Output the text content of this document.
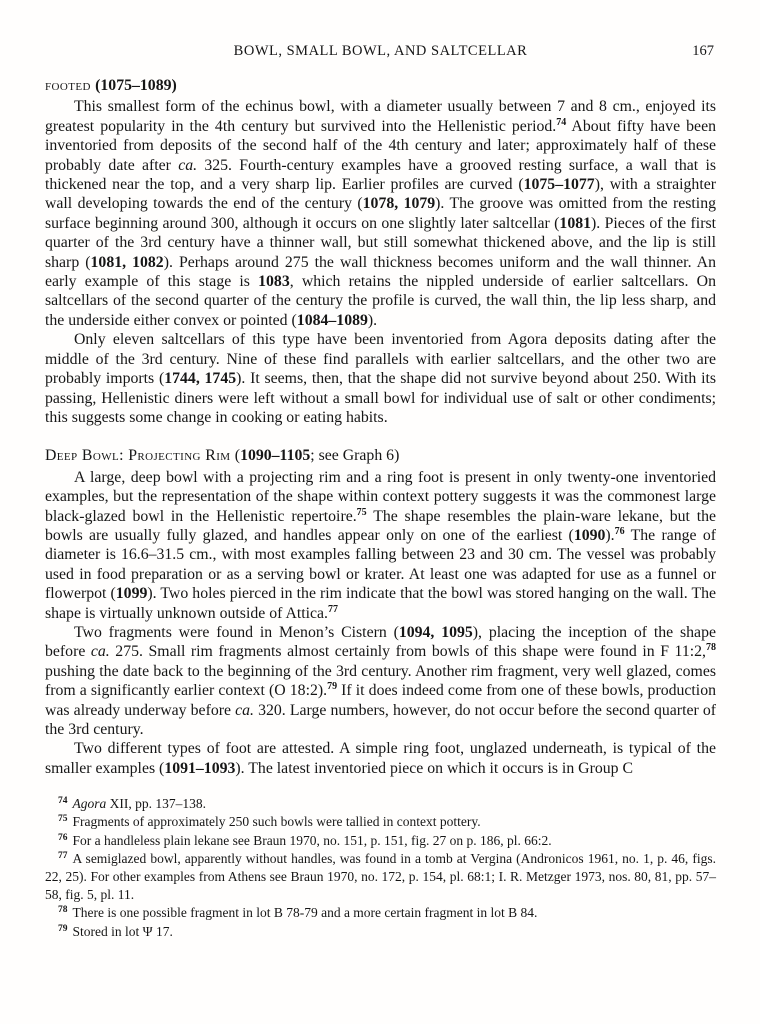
BOWL, SMALL BOWL, AND SALTCELLAR	167
footed (1075–1089)

This smallest form of the echinus bowl, with a diameter usually between 7 and 8 cm., enjoyed its greatest popularity in the 4th century but survived into the Hellenistic period.$^{74}$ About fifty have been inventoried from deposits of the second half of the 4th century and later; approximately half of these probably date after ca. 325. Fourth-century examples have a grooved resting surface, a wall that is thickened near the top, and a very sharp lip. Earlier profiles are curved (1075–1077), with a straighter wall developing towards the end of the century (1078, 1079). The groove was omitted from the resting surface beginning around 300, although it occurs on one slightly later saltcellar (1081). Pieces of the first quarter of the 3rd century have a thinner wall, but still somewhat thickened above, and the lip is still sharp (1081, 1082). Perhaps around 275 the wall thickness becomes uniform and the wall thinner. An early example of this stage is 1083, which retains the nippled underside of earlier saltcellars. On saltcellars of the second quarter of the century the profile is curved, the wall thin, the lip less sharp, and the underside either convex or pointed (1084–1089).

Only eleven saltcellars of this type have been inventoried from Agora deposits dating after the middle of the 3rd century. Nine of these find parallels with earlier saltcellars, and the other two are probably imports (1744, 1745). It seems, then, that the shape did not survive beyond about 250. With its passing, Hellenistic diners were left without a small bowl for individual use of salt or other condiments; this suggests some change in cooking or eating habits.

Deep Bowl: Projecting Rim (1090–1105; see Graph 6)

A large, deep bowl with a projecting rim and a ring foot is present in only twenty-one inventoried examples, but the representation of the shape within context pottery suggests it was the commonest large black-glazed bowl in the Hellenistic repertoire.$^{75}$ The shape resembles the plain-ware lekane, but the bowls are usually fully glazed, and handles appear only on one of the earliest (1090).$^{76}$ The range of diameter is 16.6–31.5 cm., with most examples falling between 23 and 30 cm. The vessel was probably used in food preparation or as a serving bowl or krater. At least one was adapted for use as a funnel or flowerpot (1099). Two holes pierced in the rim indicate that the bowl was stored hanging on the wall. The shape is virtually unknown outside of Attica.$^{77}$

Two fragments were found in Menon’s Cistern (1094, 1095), placing the inception of the shape before ca. 275. Small rim fragments almost certainly from bowls of this shape were found in F 11:2,78 pushing the date back to the beginning of the 3rd century. Another rim fragment, very well glazed, comes from a significantly earlier context (O 18:2).$^{79}$ If it does indeed come from one of these bowls, production was already underway before ca. 320. Large numbers, however, do not occur before the second quarter of the 3rd century.

Two different types of foot are attested. A simple ring foot, unglazed underneath, is typical of the smaller examples (1091–1093). The latest inventoried piece on which it occurs is in Group C

$^{74}$ Agora XII, pp. 137–138.
$^{75}$ Fragments of approximately 250 such bowls were tallied in context pottery.
$^{76}$ For a handleless plain lekane see Braun 1970, no. 151, p. 151, fig. 27 on p. 186, pl. 66:2.
$^{77}$ A semiglazed bowl, apparently without handles, was found in a tomb at Vergina (Andronicos 1961, no. 1, p. 46, figs. 22, 25). For other examples from Athens see Braun 1970, no. 172, p. 154, pl. 68:1; I. R. Metzger 1973, nos. 80, 81, pp. 57–58, fig. 5, pl. 11.
$^{78}$ There is one possible fragment in lot B 78-79 and a more certain fragment in lot B 84.
$^{79}$ Stored in lot Ψ 17.
